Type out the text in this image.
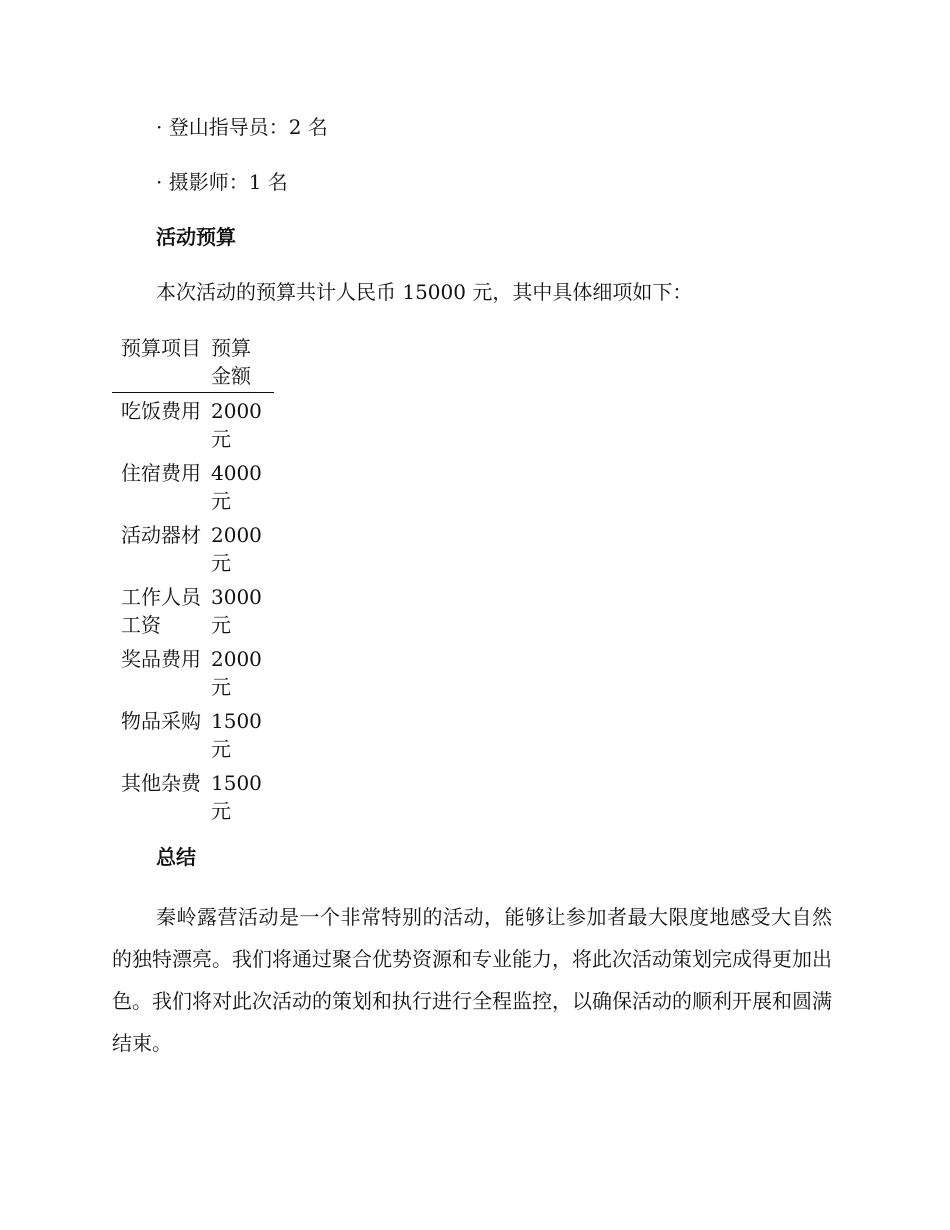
· 登山指导员：2 名
· 摄影师：1 名
活动预算
本次活动的预算共计人民币 15000 元，其中具体细项如下：
预算项目 预算
金额
吃饭费用 2000
元
住宿费用 4000
元
活动器材 2000
元
工作人员工资
3000
元
奖品费用 2000
元
物品采购 1500
元
其他杂费 1500
元
总结
秦岭露营活动是一个非常特别的活动，能够让参加者最大限度地感受大自然的独特漂亮。我们将通过聚合优势资源和专业能力，将此次活动策划完成得更加出色。我们将对此次活动的策划和执行进行全程监控，以确保活动的顺利开展和圆满结束。
